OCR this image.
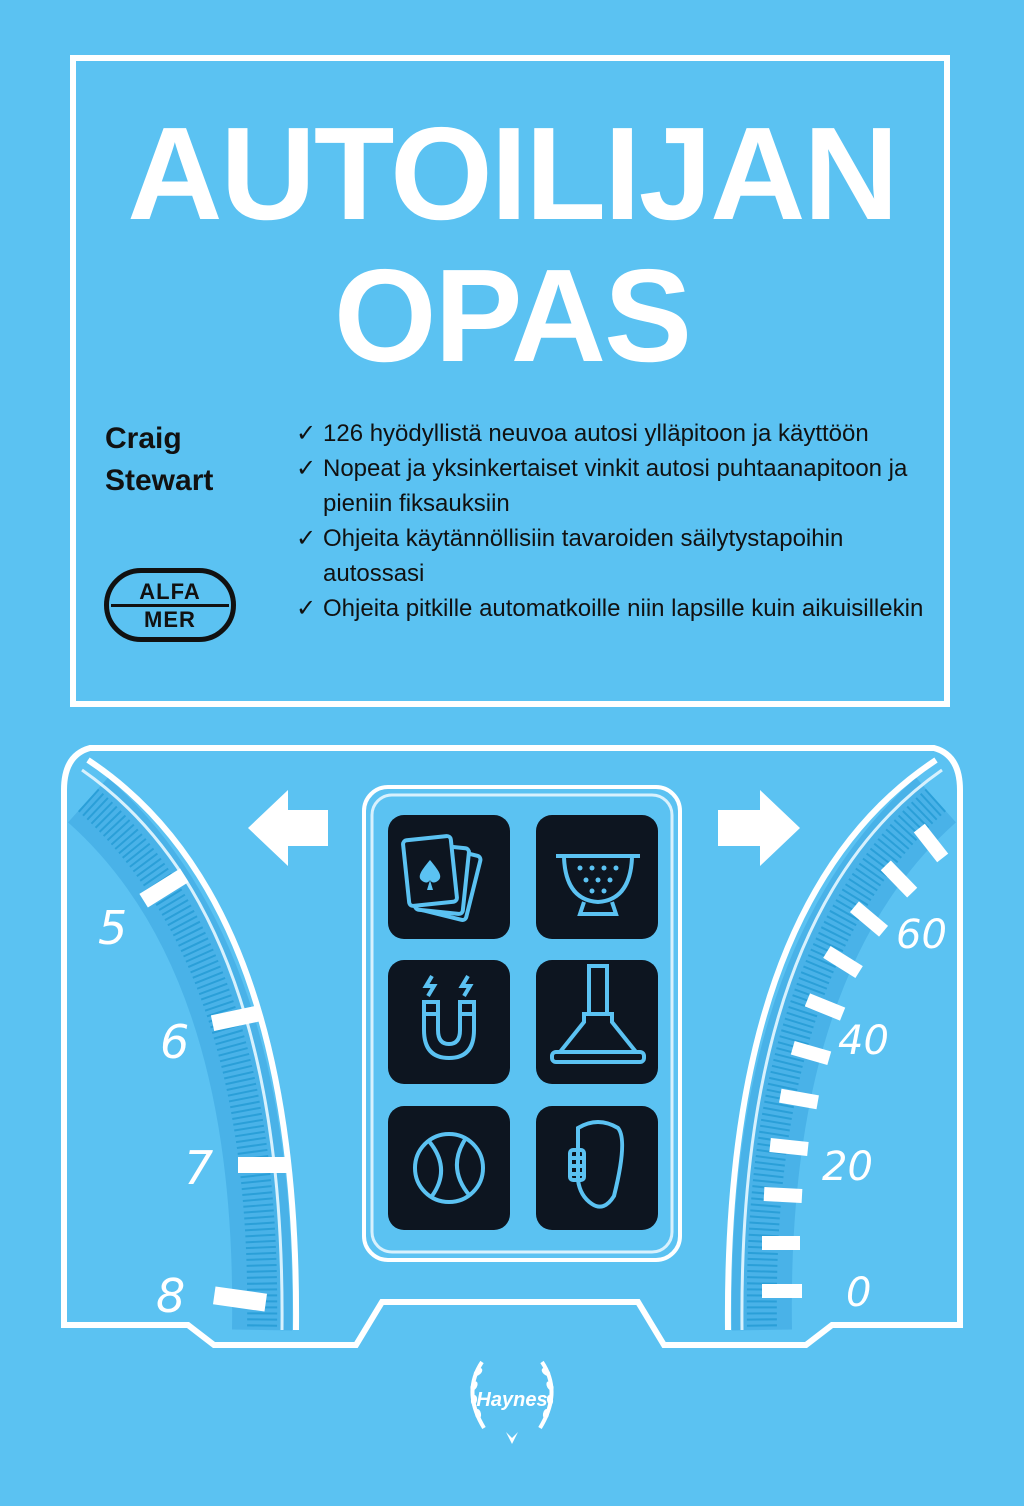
AUTOILIJAN
OPAS
Craig
Stewart
ALFA
MER
✓ 126 hyödyllistä neuvoa autosi ylläpitoon ja käyttöön
✓ Nopeat ja yksinkertaiset vinkit autosi puhtaanapitoon ja pieniin fiksauksiin
✓ Ohjeita käytännöllisiin tavaroiden säilytystapoihin autossasi
✓ Ohjeita pitkille automatkoille niin lapsille kuin aikuisillekin
5
6
7
8
60
40
20
0
Haynes
